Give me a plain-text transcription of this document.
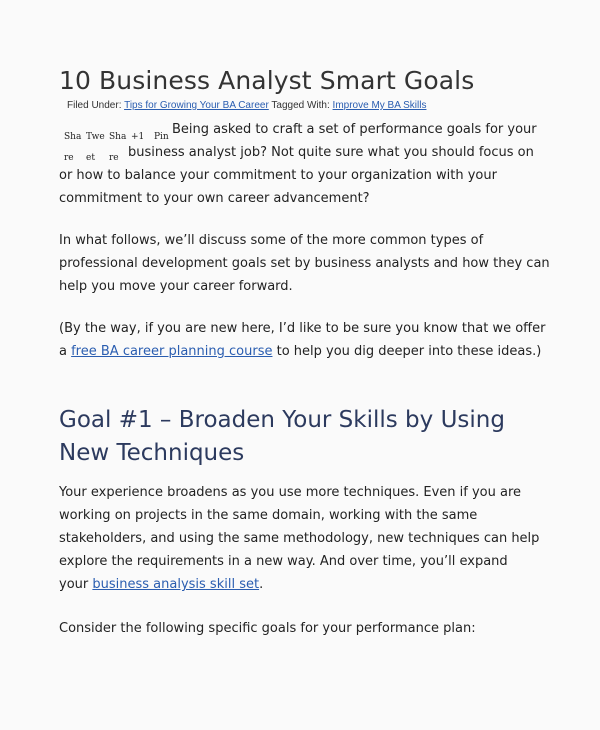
10 Business Analyst Smart Goals
Filed Under: Tips for Growing Your BA Career Tagged With: Improve My BA Skills
Sha
re
Twe
et
Sha
re
+1 Pin Being asked to craft a set of performance goals for your

business analyst job? Not quite sure what you should focus on

or how to balance your commitment to your organization with your

commitment to your own career advancement?

In what follows, we’ll discuss some of the more common types of
professional development goals set by business analysts and how they can
help you move your career forward.
(By the way, if you are new here, I’d like to be sure you know that we offer
a free BA career planning course to help you dig deeper into these ideas.)
Goal #1 – Broaden Your Skills by Using
New Techniques
Your experience broadens as you use more techniques. Even if you are
working on projects in the same domain, working with the same
stakeholders, and using the same methodology, new techniques can help
explore the requirements in a new way. And over time, you’ll expand
your business analysis skill set.

Consider the following specific goals for your performance plan:
